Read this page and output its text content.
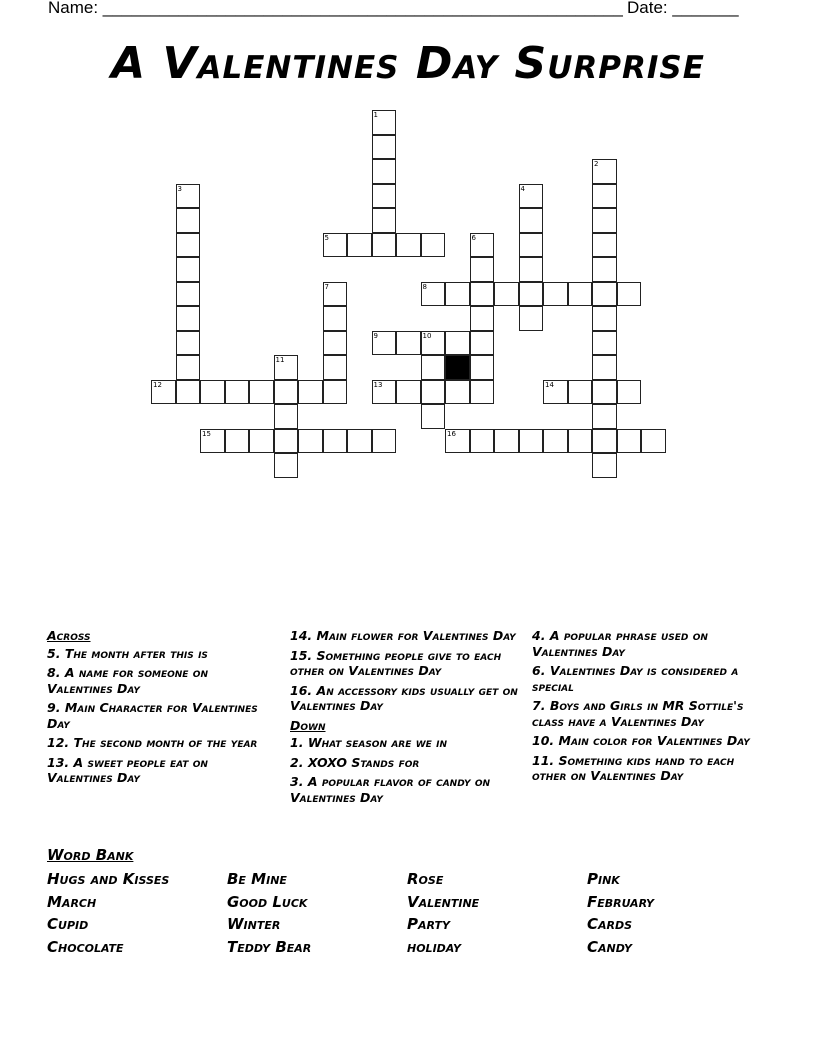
Name: _______________________________________________________ Date: _______
A Valentines Day Surprise
1
2
3	4
5	6
7	8
9	10
11
12	13	14
15	16
Across
5. The month after this is
8. A name for someone on Valentines Day
9. Main Character for Valentines Day
12. The second month of the year
13. A sweet people eat on Valentines Day
14. Main flower for Valentines Day
15. Something people give to each other on Valentines Day
16. An accessory kids usually get on Valentines Day
Down
1. What season are we in
2. XOXO Stands for
3. A popular flavor of candy on Valentines Day
4. A popular phrase used on Valentines Day
6. Valentines Day is considered a special
7. Boys and Girls in MR Sottile's class have a Valentines Day
10. Main color for Valentines Day
11. Something kids hand to each other on Valentines Day
Word Bank
Hugs and Kisses	Be Mine	Rose	Pink
March	Good Luck	Valentine	February
Cupid	Winter	Party	Cards
Chocolate	Teddy Bear	holiday	Candy
